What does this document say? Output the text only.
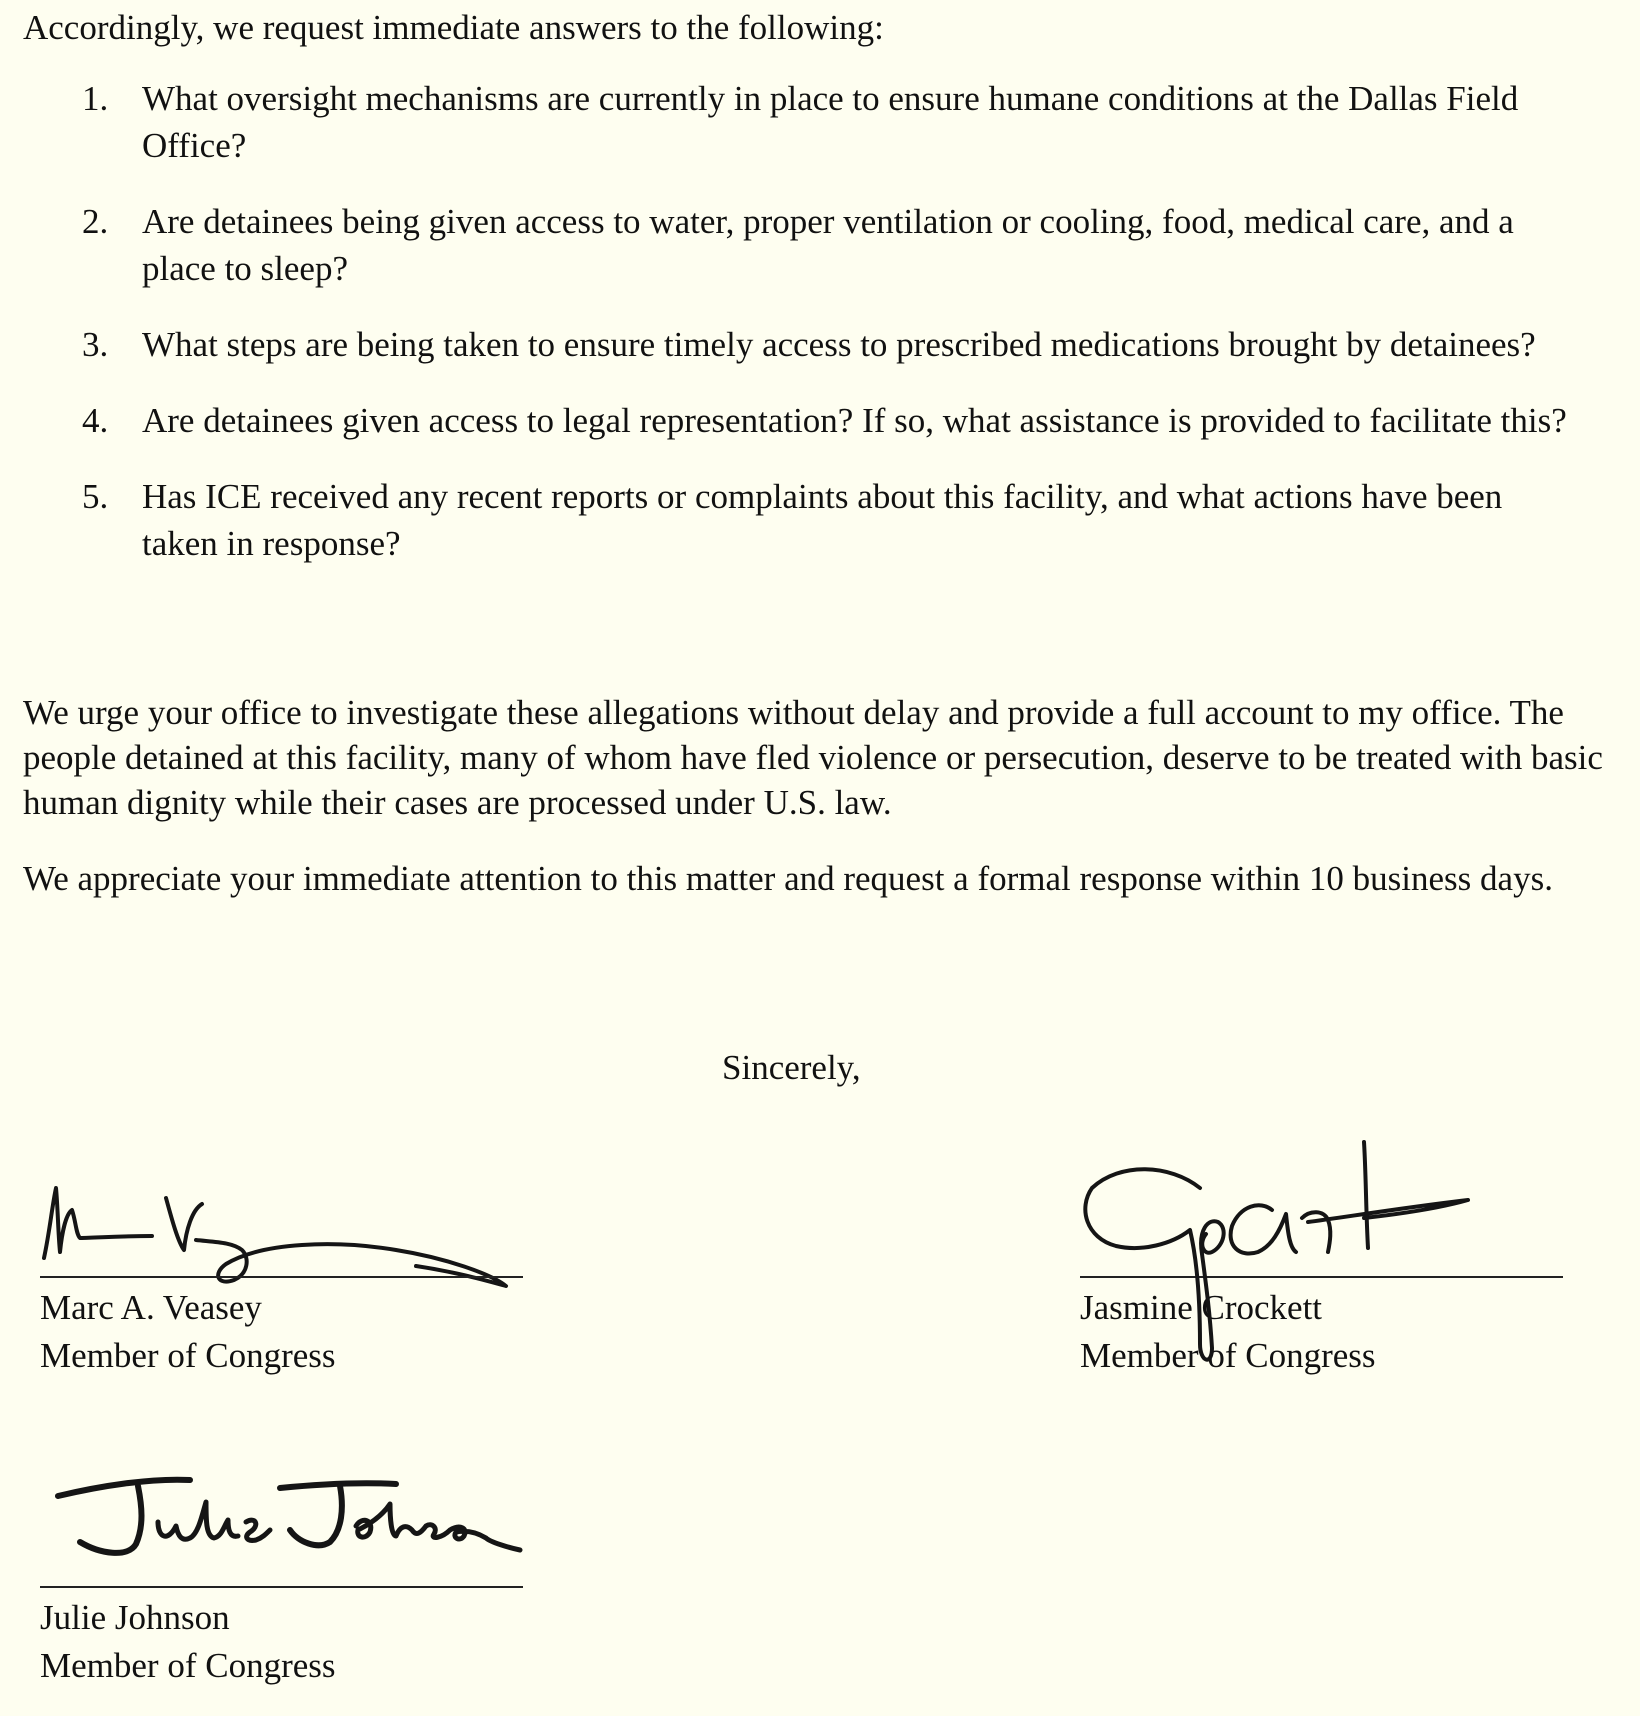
Accordingly, we request immediate answers to the following:

1. What oversight mechanisms are currently in place to ensure humane conditions at the Dallas Field Office?
2. Are detainees being given access to water, proper ventilation or cooling, food, medical care, and a place to sleep?
3. What steps are being taken to ensure timely access to prescribed medications brought by detainees?
4. Are detainees given access to legal representation? If so, what assistance is provided to facilitate this?
5. Has ICE received any recent reports or complaints about this facility, and what actions have been taken in response?

We urge your office to investigate these allegations without delay and provide a full account to my office. The people detained at this facility, many of whom have fled violence or persecution, deserve to be treated with basic human dignity while their cases are processed under U.S. law.

We appreciate your immediate attention to this matter and request a formal response within 10 business days.

Sincerely,

Marc A. Veasey
Member of Congress
Jasmine Crockett
Member of Congress
Julie Johnson
Member of Congress
